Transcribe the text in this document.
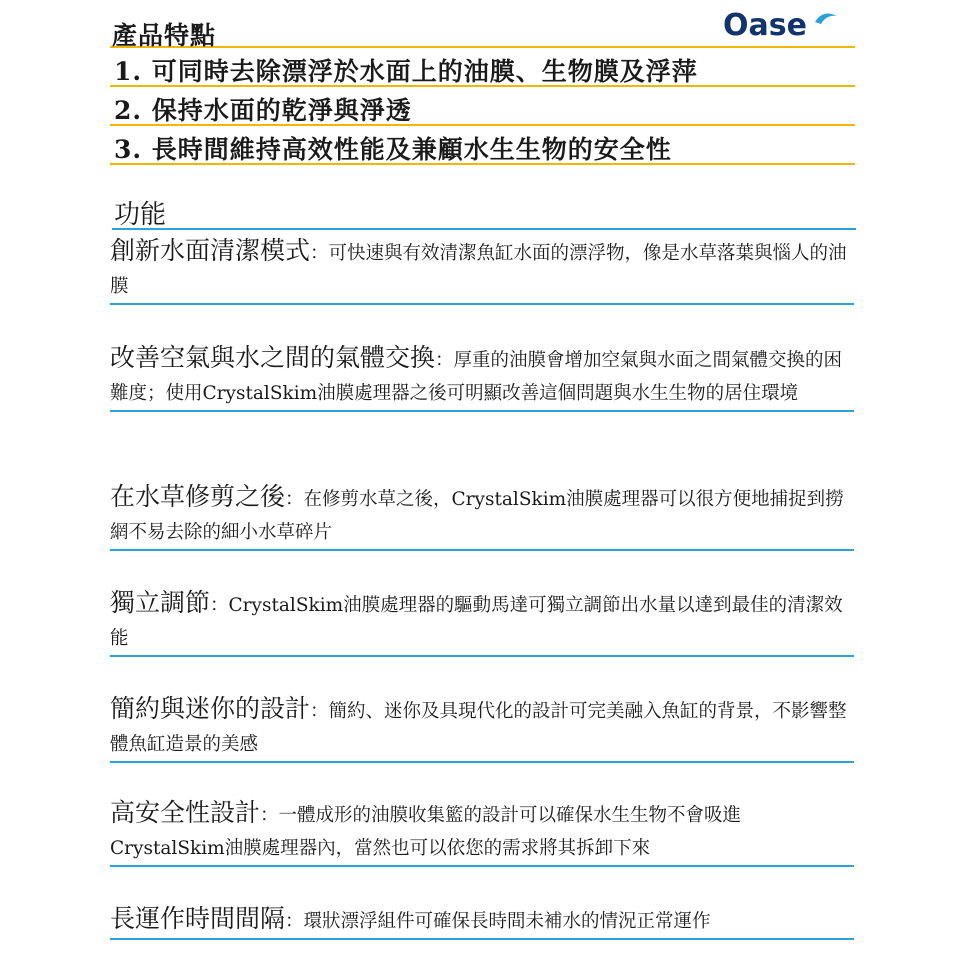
產品特點	Oase
1. 可同時去除漂浮於水面上的油膜、生物膜及浮萍
2. 保持水面的乾淨與淨透
3. 長時間維持高效性能及兼顧水生生物的安全性
功能
創新水面清潔模式：可快速與有效清潔魚缸水面的漂浮物，像是水草落葉與惱人的油膜
改善空氣與水之間的氣體交換：厚重的油膜會增加空氣與水面之間氣體交換的困難度；使用CrystalSkim油膜處理器之後可明顯改善這個問題與水生生物的居住環境
在水草修剪之後：在修剪水草之後，CrystalSkim油膜處理器可以很方便地捕捉到撈網不易去除的細小水草碎片
獨立調節：CrystalSkim油膜處理器的驅動馬達可獨立調節出水量以達到最佳的清潔效能
簡約與迷你的設計：簡約、迷你及具現代化的設計可完美融入魚缸的背景，不影響整體魚缸造景的美感
高安全性設計：一體成形的油膜收集籃的設計可以確保水生生物不會吸進CrystalSkim油膜處理器內，當然也可以依您的需求將其拆卸下來
長運作時間間隔：環狀漂浮組件可確保長時間未補水的情況正常運作
